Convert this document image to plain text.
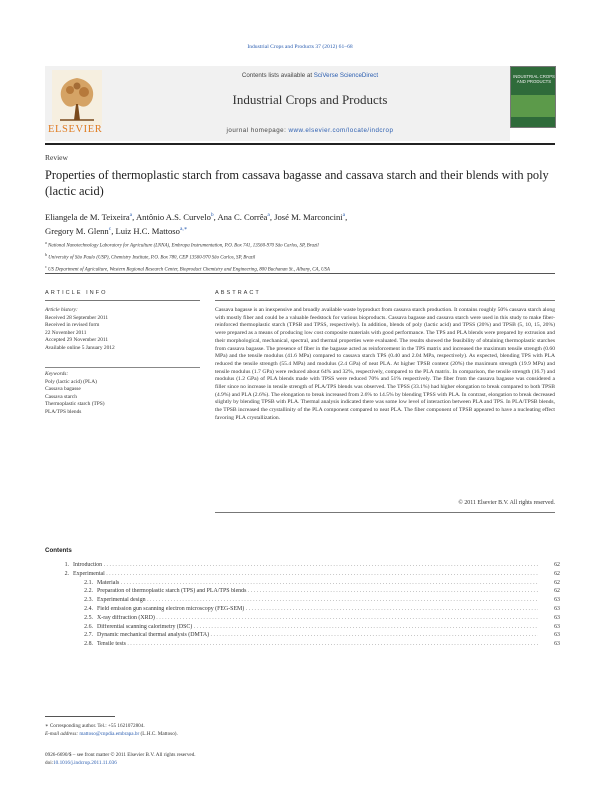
Industrial Crops and Products 37 (2012) 61–68
ELSEVIER
Contents lists available at SciVerse ScienceDirect
Industrial Crops and Products
journal homepage: www.elsevier.com/locate/indcrop
INDUSTRIAL CROPS AND PRODUCTS
Review
Properties of thermoplastic starch from cassava bagasse and cassava starch and their blends with poly (lactic acid)
Eliangela de M. Teixeira$^a$, Antônio A.S. Curvelo$^b$, Ana C. Corrêa$^a$, José M. Marconcini$^a$,
Gregory M. Glenn$^c$, Luiz H.C. Mattoso$^{a,∗}$
$^a$ National Nanotechnology Laboratory for Agriculture (LNNA), Embrapa Instrumentation, P.O. Box 741, 13560-970 São Carlos, SP, Brazil
$^b$ University of São Paulo (USP), Chemistry Institute, P.O. Box 780, CEP 13560-970 São Carlos, SP, Brazil
$^c$ US Department of Agriculture, Western Regional Research Center, Bioproduct Chemistry and Engineering, 800 Buchanan St., Albany, CA, USA
ARTICLE INFO
Article history:
Received 28 September 2011
Received in revised form
22 November 2011
Accepted 29 November 2011
Available online 5 January 2012
Keywords:
Poly (lactic acid) (PLA)
Cassava bagasse
Cassava starch
Thermoplastic starch (TPS)
PLA/TPS blends
ABSTRACT
Cassava bagasse is an inexpensive and broadly available waste byproduct from cassava starch production. It contains roughly 50% cassava starch along with mostly fiber and could be a valuable feedstock for various bioproducts. Cassava bagasse and cassava starch were used in this study to make fiber-reinforced thermoplastic starch (TPSB and TPSS, respectively). In addition, blends of poly (lactic acid) and TPSS (20%) and TPSB (5, 10, 15, 20%) were prepared as a means of producing low cost composite materials with good performance. The TPS and PLA blends were prepared by extrusion and their morphological, mechanical, spectral, and thermal properties were evaluated. The results showed the feasibility of obtaining thermoplastic starches from cassava bagasse. The presence of fiber in the bagasse acted as reinforcement in the TPS matrix and increased the maximum tensile strength (0.60 MPa) and the tensile modulus (41.6 MPa) compared to cassava starch TPS (0.40 and 2.04 MPa, respectively). As expected, blending TPS with PLA reduced the tensile strength (55.4 MPa) and modulus (2.4 GPa) of neat PLA. At higher TPSB content (20%) the maximum strength (19.9 MPa) and tensile modulus (1.7 GPa) were reduced about 64% and 32%, respectively, compared to the PLA matrix. In comparison, the tensile strength (16.7) and modulus (1.2 GPa) of PLA blends made with TPSS were reduced 70% and 51% respectively. The fiber from the cassava bagasse was considered a filler since no increase in tensile strength of PLA/TPS blends was observed. The TPSS (33.1%) had higher elongation to break compared to both TPSB (4.9%) and PLA (2.6%). The elongation to break increased from 2.6% to 14.5% by blending TPSS with PLA. In contrast, elongation to break decreased slightly by blending TPSB with PLA. Thermal analysis indicated there was some low level of interaction between PLA and TPS. In PLA/TPSB blends, the TPSB increased the crystallinity of the PLA component compared to neat PLA. The fiber component of TPSB appeared to have a nucleating effect favoring PLA crystallization.
© 2011 Elsevier B.V. All rights reserved.
Contents
1. Introduction . . .	62
2. Experimental . . .	62
2.1. Materials . . .	62
2.2. Preparation of thermoplastic starch (TPS) and PLA/TPS blends . . .	62
2.3. Experimental design . . .	63
2.4. Field emission gun scanning electron microscopy (FEG-SEM) . . .	63
2.5. X-ray diffraction (XRD) . . .	63
2.6. Differential scanning calorimetry (DSC) . . .	63
2.7. Dynamic mechanical thermal analysis (DMTA) . . .	63
2.8. Tensile tests . . .	63
∗ Corresponding author. Tel.: +55 1621072804.
E-mail address: mattoso@cnpdia.embrapa.br (L.H.C. Mattoso).
0926-6690/$ – see front matter © 2011 Elsevier B.V. All rights reserved.
doi:10.1016/j.indcrop.2011.11.036
